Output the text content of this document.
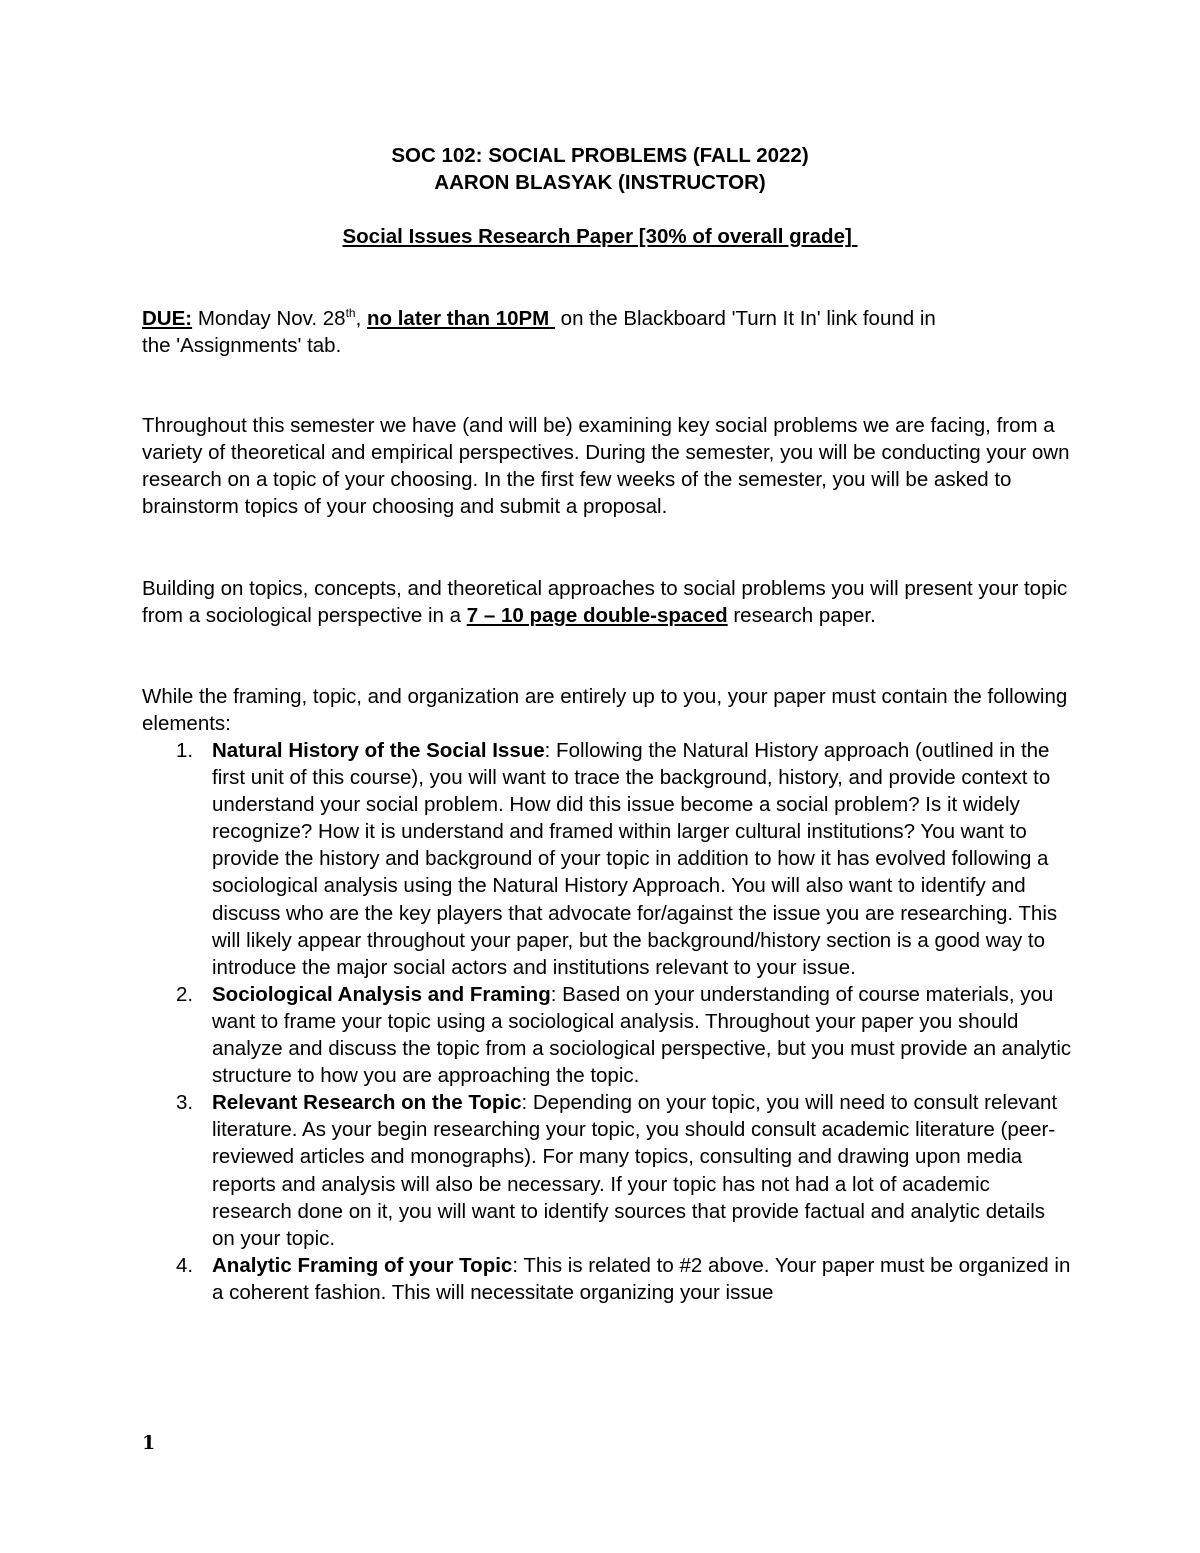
SOC 102: SOCIAL PROBLEMS (FALL 2022)
AARON BLASYAK (INSTRUCTOR)
Social Issues Research Paper [30% of overall grade]
DUE: Monday Nov. 28th, no later than 10PM on the Blackboard 'Turn It In' link found in
the 'Assignments' tab.
Throughout this semester we have (and will be) examining key social problems we are facing, from a variety of theoretical and empirical perspectives. During the semester, you will be conducting your own research on a topic of your choosing. In the first few weeks of the semester, you will be asked to brainstorm topics of your choosing and submit a proposal.
Building on topics, concepts, and theoretical approaches to social problems you will present your topic from a sociological perspective in a 7 – 10 page double-spaced research paper.
While the framing, topic, and organization are entirely up to you, your paper must contain the following elements:
1. Natural History of the Social Issue: Following the Natural History approach (outlined in the first unit of this course), you will want to trace the background, history, and provide context to understand your social problem. How did this issue become a social problem? Is it widely recognize? How it is understand and framed within larger cultural institutions? You want to provide the history and background of your topic in addition to how it has evolved following a sociological analysis using the Natural History Approach. You will also want to identify and discuss who are the key players that advocate for/against the issue you are researching. This will likely appear throughout your paper, but the background/history section is a good way to introduce the major social actors and institutions relevant to your issue.
2. Sociological Analysis and Framing: Based on your understanding of course materials, you want to frame your topic using a sociological analysis. Throughout your paper you should analyze and discuss the topic from a sociological perspective, but you must provide an analytic structure to how you are approaching the topic.
3. Relevant Research on the Topic: Depending on your topic, you will need to consult relevant literature. As your begin researching your topic, you should consult academic literature (peer-reviewed articles and monographs). For many topics, consulting and drawing upon media reports and analysis will also be necessary. If your topic has not had a lot of academic research done on it, you will want to identify sources that provide factual and analytic details on your topic.
4. Analytic Framing of your Topic: This is related to #2 above. Your paper must be organized in a coherent fashion. This will necessitate organizing your issue
1
